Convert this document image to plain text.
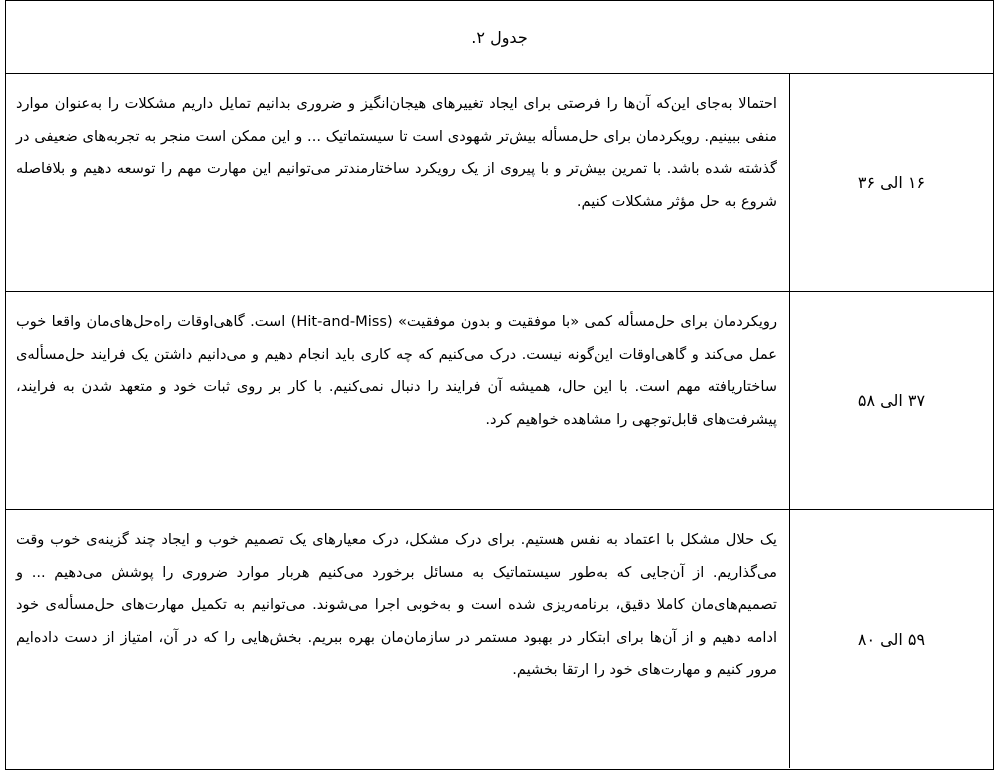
جدول ۲.
۱۶ الی ۳۶
احتمالا به‌جای این‌که آن‌ها را فرصتی برای ایجاد تغییرهای هیجان‌انگیز و ضروری بدانیم تمایل داریم مشکلات را به‌عنوان موارد منفی ببینیم. رویکردمان برای حل‌مسأله بیش‌تر شهودی است تا سیستماتیک ... و این ممکن است منجر به تجربه‌های ضعیفی در گذشته شده باشد. با تمرین بیش‌تر و با پیروی از یک رویکرد ساختارمندتر می‌توانیم این مهارت مهم را توسعه دهیم و بلافاصله شروع به حل مؤثر مشکلات کنیم.
۳۷ الی ۵۸
رویکردمان برای حل‌مسأله کمی «با موفقیت و بدون موفقیت» (Hit-and-Miss) است. گاهی‌اوقات راه‌حل‌های‌مان واقعا خوب عمل می‌کند و گاهی‌اوقات این‌گونه نیست. درک می‌کنیم که چه کاری باید انجام دهیم و می‌دانیم داشتن یک فرایند حل‌مسأله‌ی ساختاریافته مهم است. با این حال، همیشه آن فرایند را دنبال نمی‌کنیم. با کار بر روی ثبات خود و متعهد شدن به فرایند، پیشرفت‌های قابل‌توجهی را مشاهده خواهیم کرد.
۵۹ الی ۸۰
یک حلال مشکل با اعتماد به نفس هستیم. برای درک مشکل، درک معیارهای یک تصمیم خوب و ایجاد چند گزینه‌ی خوب وقت می‌گذاریم. از آن‌جایی که به‌طور سیستماتیک به مسائل برخورد می‌کنیم هربار موارد ضروری را پوشش می‌دهیم ... و تصمیم‌های‌مان کاملا دقیق، برنامه‌ریزی شده است و به‌خوبی اجرا می‌شوند. می‌توانیم به تکمیل مهارت‌های حل‌مسأله‌ی خود ادامه دهیم و از آن‌ها برای ابتکار در بهبود مستمر در سازمان‌مان بهره ببریم. بخش‌هایی را که در آن، امتیاز از دست داده‌ایم مرور کنیم و مهارت‌های خود را ارتقا بخشیم.
